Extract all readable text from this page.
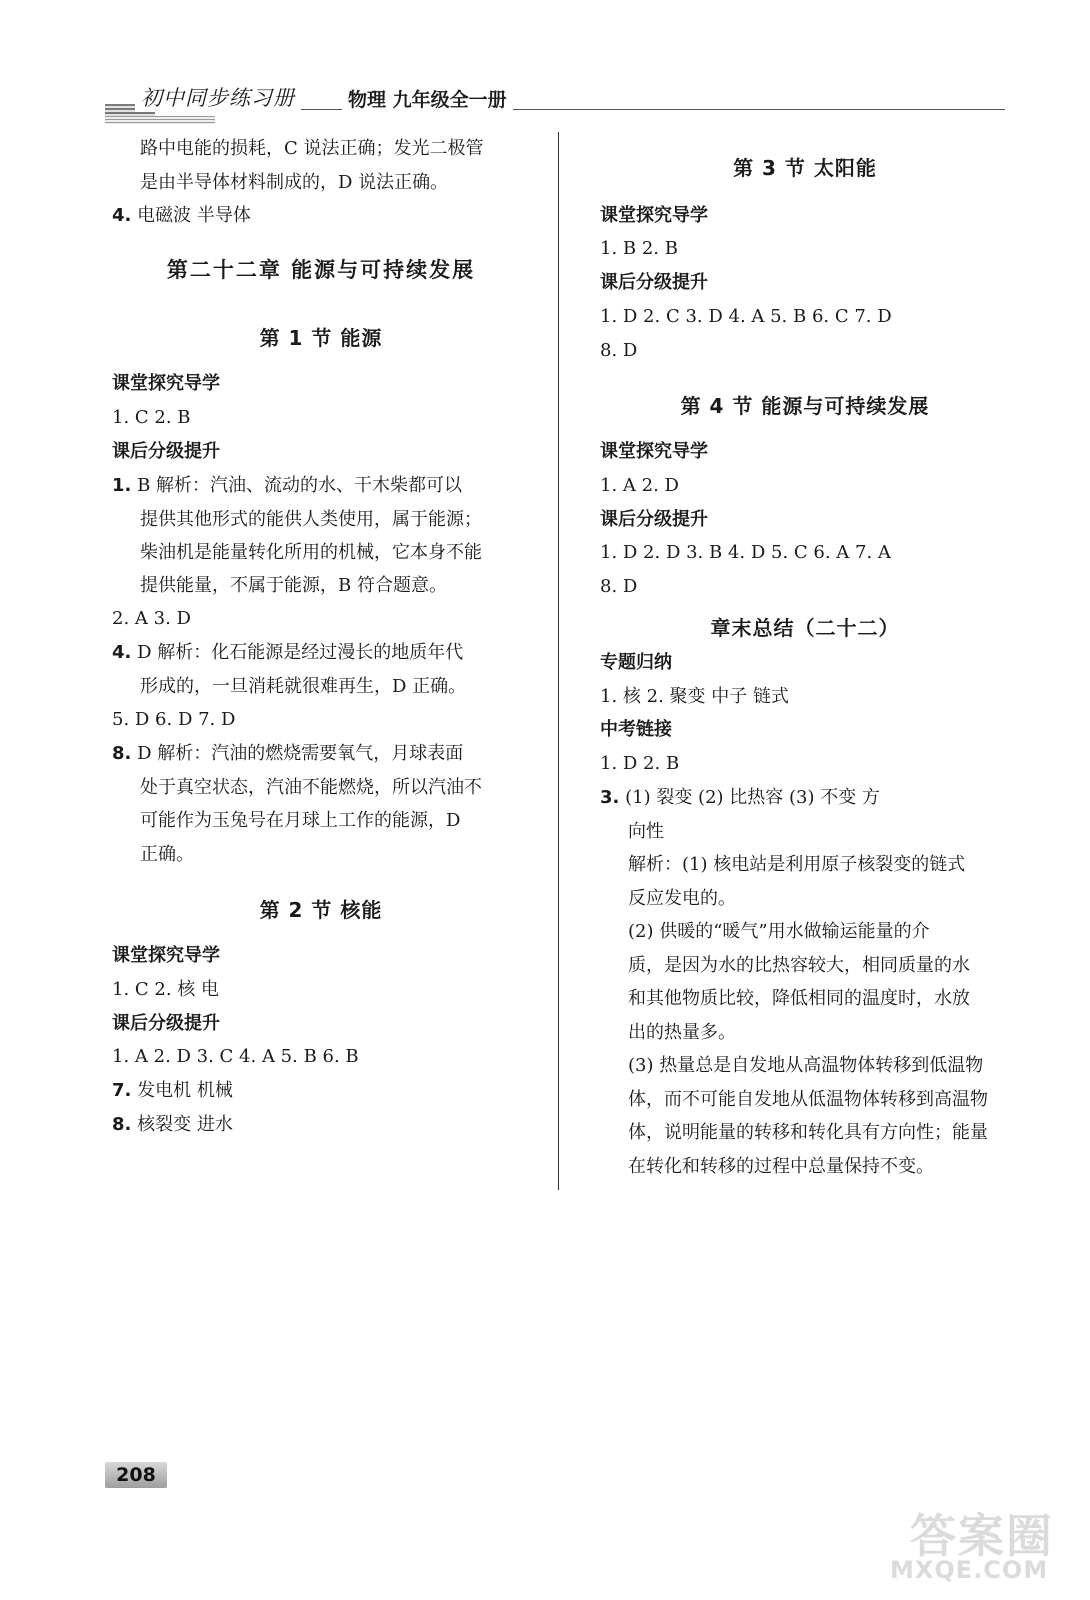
初中同步练习册	物理 九年级全一册
路中电能的损耗，C 说法正确；发光二极管
是由半导体材料制成的，D 说法正确。
4. 电磁波 半导体
第二十二章 能源与可持续发展
第 1 节 能源
课堂探究导学
1. C 2. B
课后分级提升
1. B 解析：汽油、流动的水、干木柴都可以
提供其他形式的能供人类使用，属于能源；
柴油机是能量转化所用的机械，它本身不能
提供能量，不属于能源，B 符合题意。
2. A 3. D
4. D 解析：化石能源是经过漫长的地质年代
形成的，一旦消耗就很难再生，D 正确。
5. D 6. D 7. D
8. D 解析：汽油的燃烧需要氧气，月球表面
处于真空状态，汽油不能燃烧，所以汽油不
可能作为玉兔号在月球上工作的能源，D
正确。
第 2 节 核能
课堂探究导学
1. C 2. 核 电
课后分级提升
1. A 2. D 3. C 4. A 5. B 6. B
7. 发电机 机械
8. 核裂变 进水
第 3 节 太阳能
课堂探究导学
1. B 2. B
课后分级提升
1. D 2. C 3. D 4. A 5. B 6. C 7. D
8. D
第 4 节 能源与可持续发展
课堂探究导学
1. A 2. D
课后分级提升
1. D 2. D 3. B 4. D 5. C 6. A 7. A
8. D
章末总结（二十二）
专题归纳
1. 核 2. 聚变 中子 链式
中考链接
1. D 2. B
3. (1) 裂变 (2) 比热容 (3) 不变 方
向性
解析：(1) 核电站是利用原子核裂变的链式
反应发电的。
(2) 供暖的“暖气”用水做输运能量的介
质，是因为水的比热容较大，相同质量的水
和其他物质比较，降低相同的温度时，水放
出的热量多。
(3) 热量总是自发地从高温物体转移到低温物
体，而不可能自发地从低温物体转移到高温物
体，说明能量的转移和转化具有方向性；能量
在转化和转移的过程中总量保持不变。
208
答案圈
MXQE.COM
